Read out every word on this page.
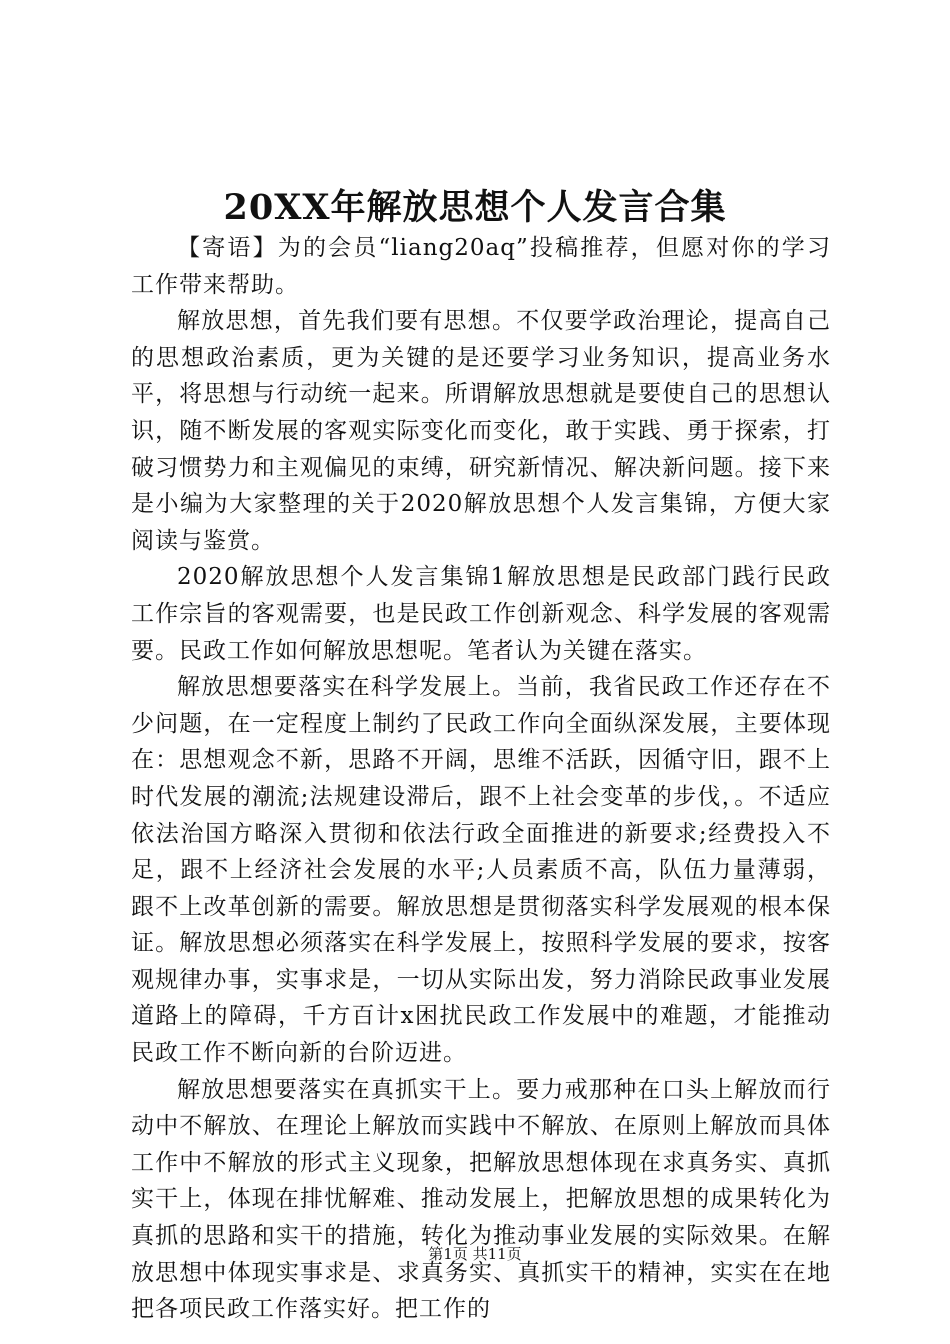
20XX年解放思想个人发言合集

【寄语】为的会员“liang20aq”投稿推荐，但愿对你的学习工作带来帮助。

解放思想，首先我们要有思想。不仅要学政治理论，提高自己的思想政治素质，更为关键的是还要学习业务知识，提高业务水平，将思想与行动统一起来。所谓解放思想就是要使自己的思想认识，随不断发展的客观实际变化而变化，敢于实践、勇于探索，打破习惯势力和主观偏见的束缚，研究新情况、解决新问题。接下来是小编为大家整理的关于2020解放思想个人发言集锦，方便大家阅读与鉴赏。

2020解放思想个人发言集锦1解放思想是民政部门践行民政工作宗旨的客观需要，也是民政工作创新观念、科学发展的客观需要。民政工作如何解放思想呢。笔者认为关键在落实。

解放思想要落实在科学发展上。当前，我省民政工作还存在不少问题，在一定程度上制约了民政工作向全面纵深发展，主要体现在：思想观念不新，思路不开阔，思维不活跃，因循守旧，跟不上时代发展的潮流;法规建设滞后，跟不上社会变革的步伐，。不适应依法治国方略深入贯彻和依法行政全面推进的新要求;经费投入不足，跟不上经济社会发展的水平;人员素质不高，队伍力量薄弱，跟不上改革创新的需要。解放思想是贯彻落实科学发展观的根本保证。解放思想必须落实在科学发展上，按照科学发展的要求，按客观规律办事，实事求是，一切从实际出发，努力消除民政事业发展道路上的障碍，千方百计x困扰民政工作发展中的难题，才能推动民政工作不断向新的台阶迈进。

解放思想要落实在真抓实干上。要力戒那种在口头上解放而行动中不解放、在理论上解放而实践中不解放、在原则上解放而具体工作中不解放的形式主义现象，把解放思想体现在求真务实、真抓实干上，体现在排忧解难、推动发展上，把解放思想的成果转化为真抓的思路和实干的措施，转化为推动事业发展的实际效果。在解放思想中体现实事求是、求真务实、真抓实干的精神，实实在在地把各项民政工作落实好。把工作的

第1页 共11页
